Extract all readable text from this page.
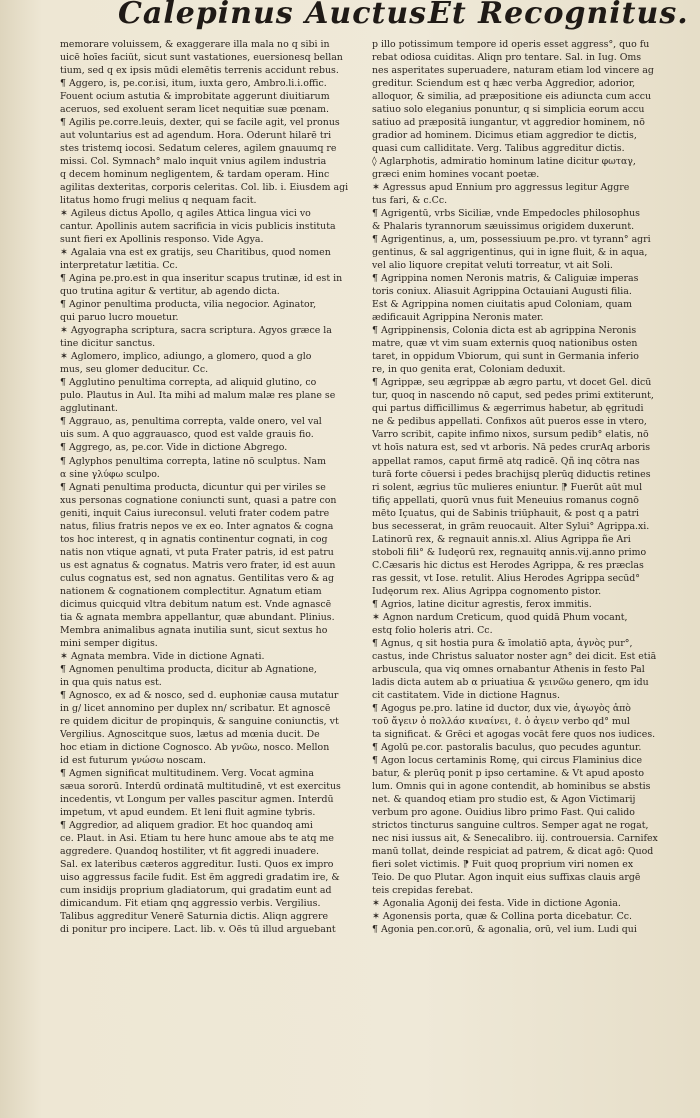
Calepinus Auctus Et Recognitus.
memorare voluissem, & exaggerare illa mala no q sibi in
uicē hoīes faciūt, sicut sunt vastationes, euersionesq bellan
tium, sed q ex ipsis mūdi elemētis terrenis accidunt rebus.
¶ Aggero, is, pe.cor.isi, itum, iuxta gero, Ambro.li.i.offic.
Fouent ocium astutia & improbitate aggerunt diuitiarum
aceruos, sed exoluent seram licet nequitiæ suæ pœnam.
¶ Agilis pe.corre.leuis, dexter, qui se facile agit, vel pronus
aut voluntarius est ad agendum. Hora. Oderunt hilarē tri
stes tristemq iocosi. Sedatum celeres, agilem gnauumq re
missi. Col. Symnach° malo inquit vnius agilem industria
q decem hominum negligentem, & tardam operam. Hinc
agilitas dexteritas, corporis celeritas. Col. lib. i. Eiusdem agi
litatus homo frugi melius q nequam facit.
✶ Agileus dictus Apollo, q agiles Attica lingua vici vo
cantur. Apollinis autem sacrificia in vicis publicis instituta
sunt fieri ex Apollinis responso. Vide Agya.
✶ Agalaia vna est ex gratijs, seu Charitibus, quod nomen
interpretatur lætitia. Cc.
¶ Agina pe.pro.est in qua inseritur scapus trutinæ, id est in
quo trutina agitur & vertitur, ab agendo dicta.
¶ Aginor penultima producta, vilia negocior. Aginator,
qui paruo lucro mouetur.
✶ Agyographa scriptura, sacra scriptura. Agyos græce la
tine dicitur sanctus.
✶ Aglomero, implico, adiungo, a glomero, quod a glo
mus, seu glomer deducitur. Cc.
¶ Agglutino penultima correpta, ad aliquid glutino, co
pulo. Plautus in Aul. Ita mihi ad malum malæ res plane se
agglutinant.
¶ Aggrauo, as, penultima correpta, valde onero, vel val
uis sum. A quo aggrauasco, quod est valde grauis fio.
¶ Aggrego, as, pe.cor. Vide in dictione Abgrego.
¶ Aglyphos penultima correpta, latine nō sculptus. Nam
α sine γλύφω sculpo.
¶ Agnati penultima producta, dicuntur qui per viriles se
xus personas cognatione coniuncti sunt, quasi a patre con
geniti, inquit Caius iureconsul. veluti frater codem patre
natus, filius fratris nepos ve ex eo. Inter agnatos & cogna
tos hoc interest, q in agnatis continentur cognati, in cog
natis non vtique agnati, vt puta Frater patris, id est patru
us est agnatus & cognatus. Matris vero frater, id est auun
culus cognatus est, sed non agnatus. Gentilitas vero & ag
nationem & cognationem complectitur. Agnatum etiam
dicimus quicquid vltra debitum natum est. Vnde agnascē
tia & agnata membra appellantur, quæ abundant. Plinius.
Membra animalibus agnata inutilia sunt, sicut sextus ho
mini semper digitus.
✶ Agnata membra. Vide in dictione Agnati.
¶ Agnomen penultima producta, dicitur ab Agnatione,
in qua quis natus est.
¶ Agnosco, ex ad & nosco, sed d. euphoniæ causa mutatur
in g/ licet annomino per duplex nn/ scribatur. Et agnoscē
re quidem dicitur de propinquis, & sanguine coniunctis, vt
Vergilius. Agnoscitque suos, lætus ad mœnia ducit. De
hoc etiam in dictione Cognosco. Ab γνῶω, nosco. Mellon
id est futurum γνώσω noscam.
¶ Agmen significat multitudinem. Verg. Vocat agmina
sæua sororū. Interdū ordinatā multitudinē, vt est exercitus
incedentis, vt Longum per valles pascitur agmen. Interdū
impetum, vt apud eundem. Et leni fluit agmine tybris.
¶ Aggredior, ad aliquem gradior. Et hoc quandoq ami
ce. Plaut. in Asi. Etiam tu here hunc amoue abs te atq me
aggredere. Quandoq hostiliter, vt fit aggredi inuadere.
Sal. ex lateribus cæteros aggreditur. Iusti. Quos ex impro
uiso aggressus facile fudit. Est ēm aggredi gradatim ire, &
cum insidijs proprium gladiatorum, qui gradatim eunt ad
dimicandum. Fit etiam qnq aggressio verbis. Vergilius.
Talibus aggreditur Venerē Saturnia dictis. Aliqn aggrere
di ponitur pro incipere. Lact. lib. v. Oēs tū illud arguebant
p illo potissimum tempore id operis esset aggress°, quo fu
rebat odiosa cuiditas. Aliqn pro tentare. Sal. in Iug. Oms
nes asperitates superuadere, naturam etiam lod vincere ag
greditur. Sciendum est q hæc verba Aggredior, adorior,
alloquor, & similia, ad præpositione eis adiuncta cum accu
satiuo solo eleganius ponuntur, q si simplicia eorum accu
satiuo ad præpositā iungantur, vt aggredior hominem, nō
gradior ad hominem. Dicimus etiam aggredior te dictis,
quasi cum calliditate. Verg. Talibus aggreditur dictis.
◊ Aglarphotis, admiratio hominum latine dicitur φωταγ,
græci enim homines vocant poetæ.
✶ Agressus apud Ennium pro aggressus legitur Aggre
tus fari, & c.Cc.
¶ Agrigentū, vrbs Siciliæ, vnde Empedocles philosophus
& Phalaris tyrannorum sæuissimus origidem duxerunt.
¶ Agrigentinus, a, um, possessiuum pe.pro. vt tyrann° agri
gentinus, & sal aggrigentinus, qui in igne fluit, & in aqua,
vel alio liquore crepitat veluti torreatur, vt ait Soli.
¶ Agrippina nomen Neronis matris, & Caliguiæ imperas
toris coniux. Aliasuit Agrippina Octauiani Augusti filia.
Est & Agrippina nomen ciuitatis apud Coloniam, quam
ædificauit Agrippina Neronis mater.
¶ Agrippinensis, Colonia dicta est ab agrippina Neronis
matre, quæ vt vim suam externis quoq nationibus osten
taret, in oppidum Vbiorum, qui sunt in Germania inferio
re, in quo genita erat, Coloniam deduxit.
¶ Agrippæ, seu ægrippæ ab ægro partu, vt docet Gel. dicū
tur, quoq in nascendo nō caput, sed pedes primi extiterunt,
qui partus difficillimus & ægerrimus habetur, ab ęgritudi
ne & pedibus appellati. Confixos aūt pueros esse in vtero,
Varro scribit, capite infimo nixos, sursum pedib° elatis, nō
vt hoīs natura est, sed vt arboris. Nā pedes crurAq arboris
appellat ramos, caput firmē atq radicē. Qñ inq cōtra nas
turā forte cōuersi i pedes brachijsq plerūq diductis retines
ri solent, ægrius tūc mulieres eniuntur. ⁋ Fuerūt aūt mul
tifiç appellati, quorū vnus fuit Meneuius romanus cognō
mēto Içuatus, qui de Sabinis triūphauit, & post q a patri
bus secesserat, in grām reuocauit. Alter Sylui° Agrippa.xi.
Latinorū rex, & regnauit annis.xl. Alius Agrippa ñe Ari
stoboli fili° & Iudęorū rex, regnauitq annis.vij.anno primo
C.Cæsaris hic dictus est Herodes Agrippa, & res præclas
ras gessit, vt Iose. retulit. Alius Herodes Agrippa secūd°
Iudęorum rex. Alius Agrippa cognomento pistor.
¶ Agrios, latine dicitur agrestis, ferox immitis.
✶ Agnon nardum Creticum, quod quidā Phum vocant,
estq folio holeris atri. Cc.
¶ Agnus, q sit hostia pura & īmolatiō apta, ἁγνὸς pur°,
castus, inde Christus saluator noster agn° dei dicit. Est etiā
arbuscula, qua viq omnes ornabantur Athenis in festo Pal
ladis dicta autem ab α priuatiua & γεινῶω genero, qm idu
cit castitatem. Vide in dictione Hagnus.
¶ Agogus pe.pro. latine id ductor, dux vie, ἀγωγὸς ἀπὸ
τοῦ ἄγειν ὁ πολλάσ κιναίνει, ℓ. ὁ ἀγειν verbo qd° mul
ta significat. & Grēci et agogas vocāt fere quos nos iudices.
¶ Agolū pe.cor. pastoralis baculus, quo pecudes aguntur.
¶ Agon locus certaminis Romę, qui circus Flaminius dice
batur, & plerūq ponit p ipso certamine. & Vt apud aposto
lum. Omnis qui in agone contendit, ab hominibus se abstis
net. & quandoq etiam pro studio est, & Agon Victimarij
verbum pro agone. Ouidius libro primo Fast. Qui calido
strictos tincturus sanguine cultros. Semper agat ne rogat,
nec nisi iussus ait, & Senecalibro. iij. controuersia. Carnifex
manū tollat, deinde respiciat ad patrem, & dicat agō: Quod
fieri solet victimis. ⁋ Fuit quoq proprium viri nomen ex
Teio. De quo Plutar. Agon inquit eius suffixas clauis argē
teis crepidas ferebat.
✶ Agonalia Agonij dei festa. Vide in dictione Agonia.
✶ Agonensis porta, quæ & Collina porta dicebatur. Cc.
¶ Agonia pen.cor.orū, & agonalia, orū, vel ium. Ludi qui
